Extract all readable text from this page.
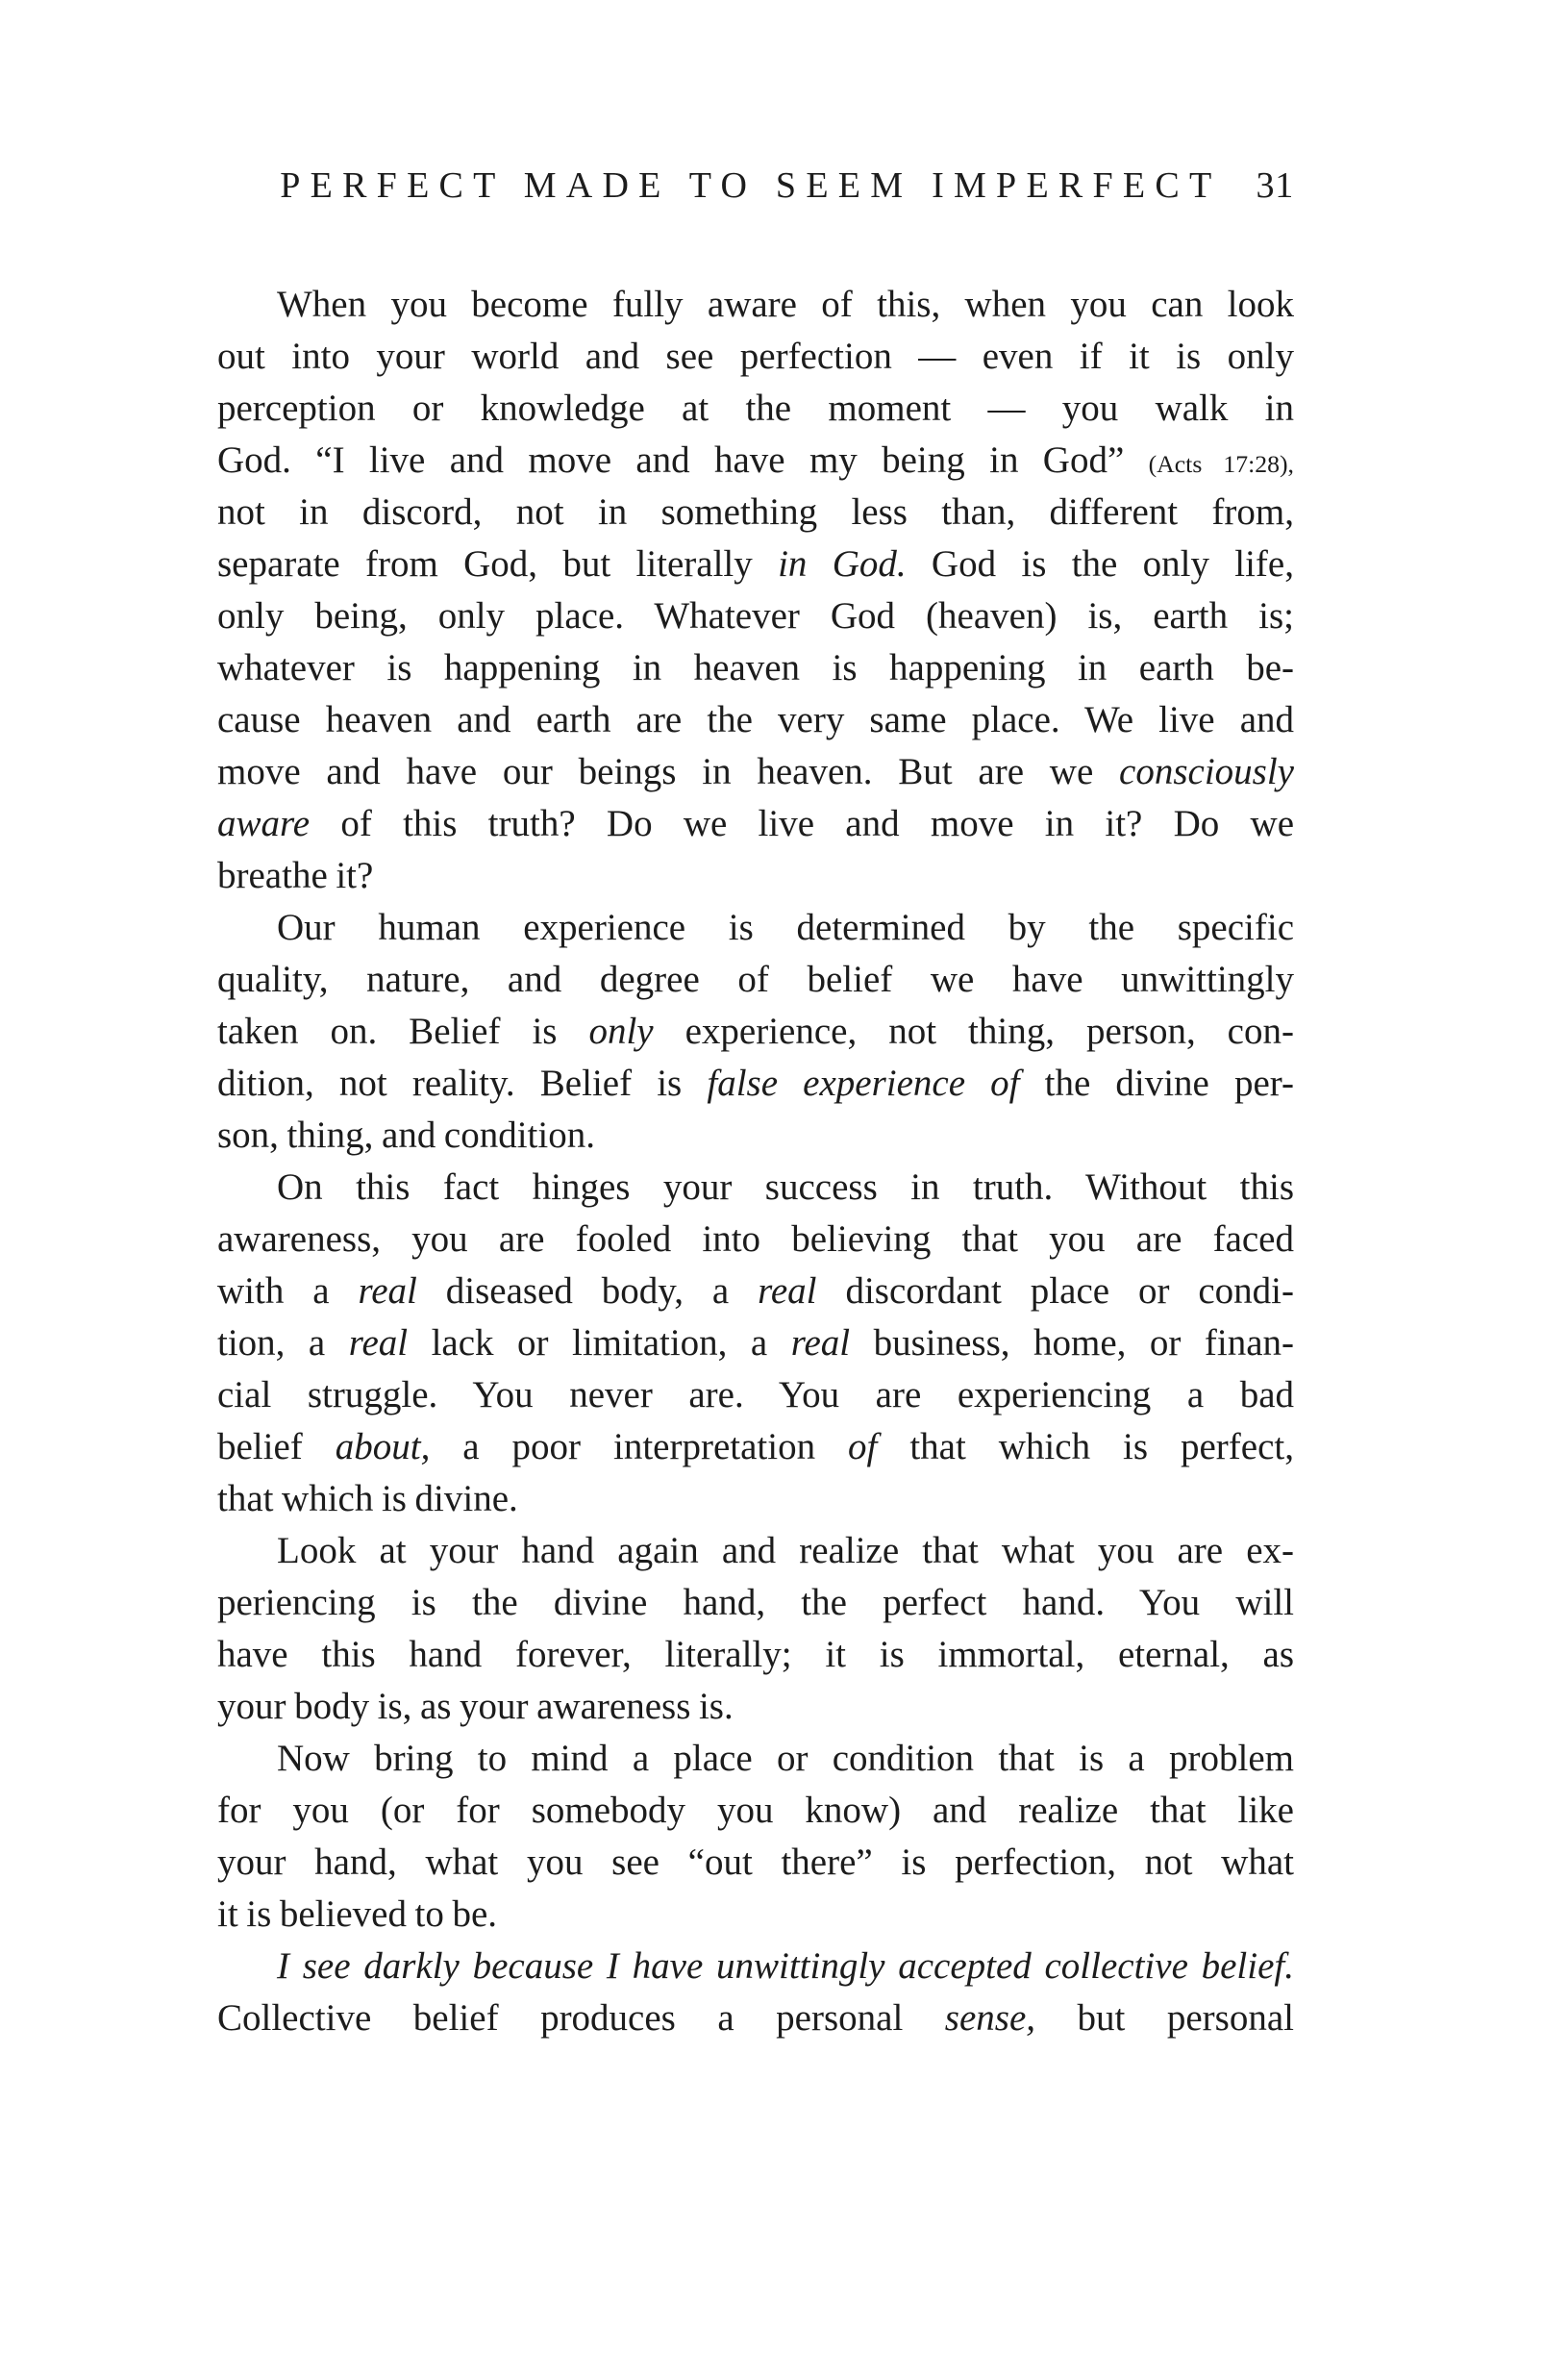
PERFECT MADE TO SEEM IMPERFECT 31
When you become fully aware of this, when you can look
out into your world and see perfection — even if it is only
perception or knowledge at the moment — you walk in
God. “I live and move and have my being in God” (Acts 17:28),
not in discord, not in something less than, different from,
separate from God, but literally in God. God is the only life,
only being, only place. Whatever God (heaven) is, earth is;
whatever is happening in heaven is happening in earth be-
cause heaven and earth are the very same place. We live and
move and have our beings in heaven. But are we consciously
aware of this truth? Do we live and move in it? Do we
breathe it?
Our human experience is determined by the specific
quality, nature, and degree of belief we have unwittingly
taken on. Belief is only experience, not thing, person, con-
dition, not reality. Belief is false experience of the divine per-
son, thing, and condition.
On this fact hinges your success in truth. Without this
awareness, you are fooled into believing that you are faced
with a real diseased body, a real discordant place or condi-
tion, a real lack or limitation, a real business, home, or finan-
cial struggle. You never are. You are experiencing a bad
belief about, a poor interpretation of that which is perfect,
that which is divine.
Look at your hand again and realize that what you are ex-
periencing is the divine hand, the perfect hand. You will
have this hand forever, literally; it is immortal, eternal, as
your body is, as your awareness is.
Now bring to mind a place or condition that is a problem
for you (or for somebody you know) and realize that like
your hand, what you see “out there” is perfection, not what
it is believed to be.
I see darkly because I have unwittingly accepted collective belief.
Collective belief produces a personal sense, but personal
